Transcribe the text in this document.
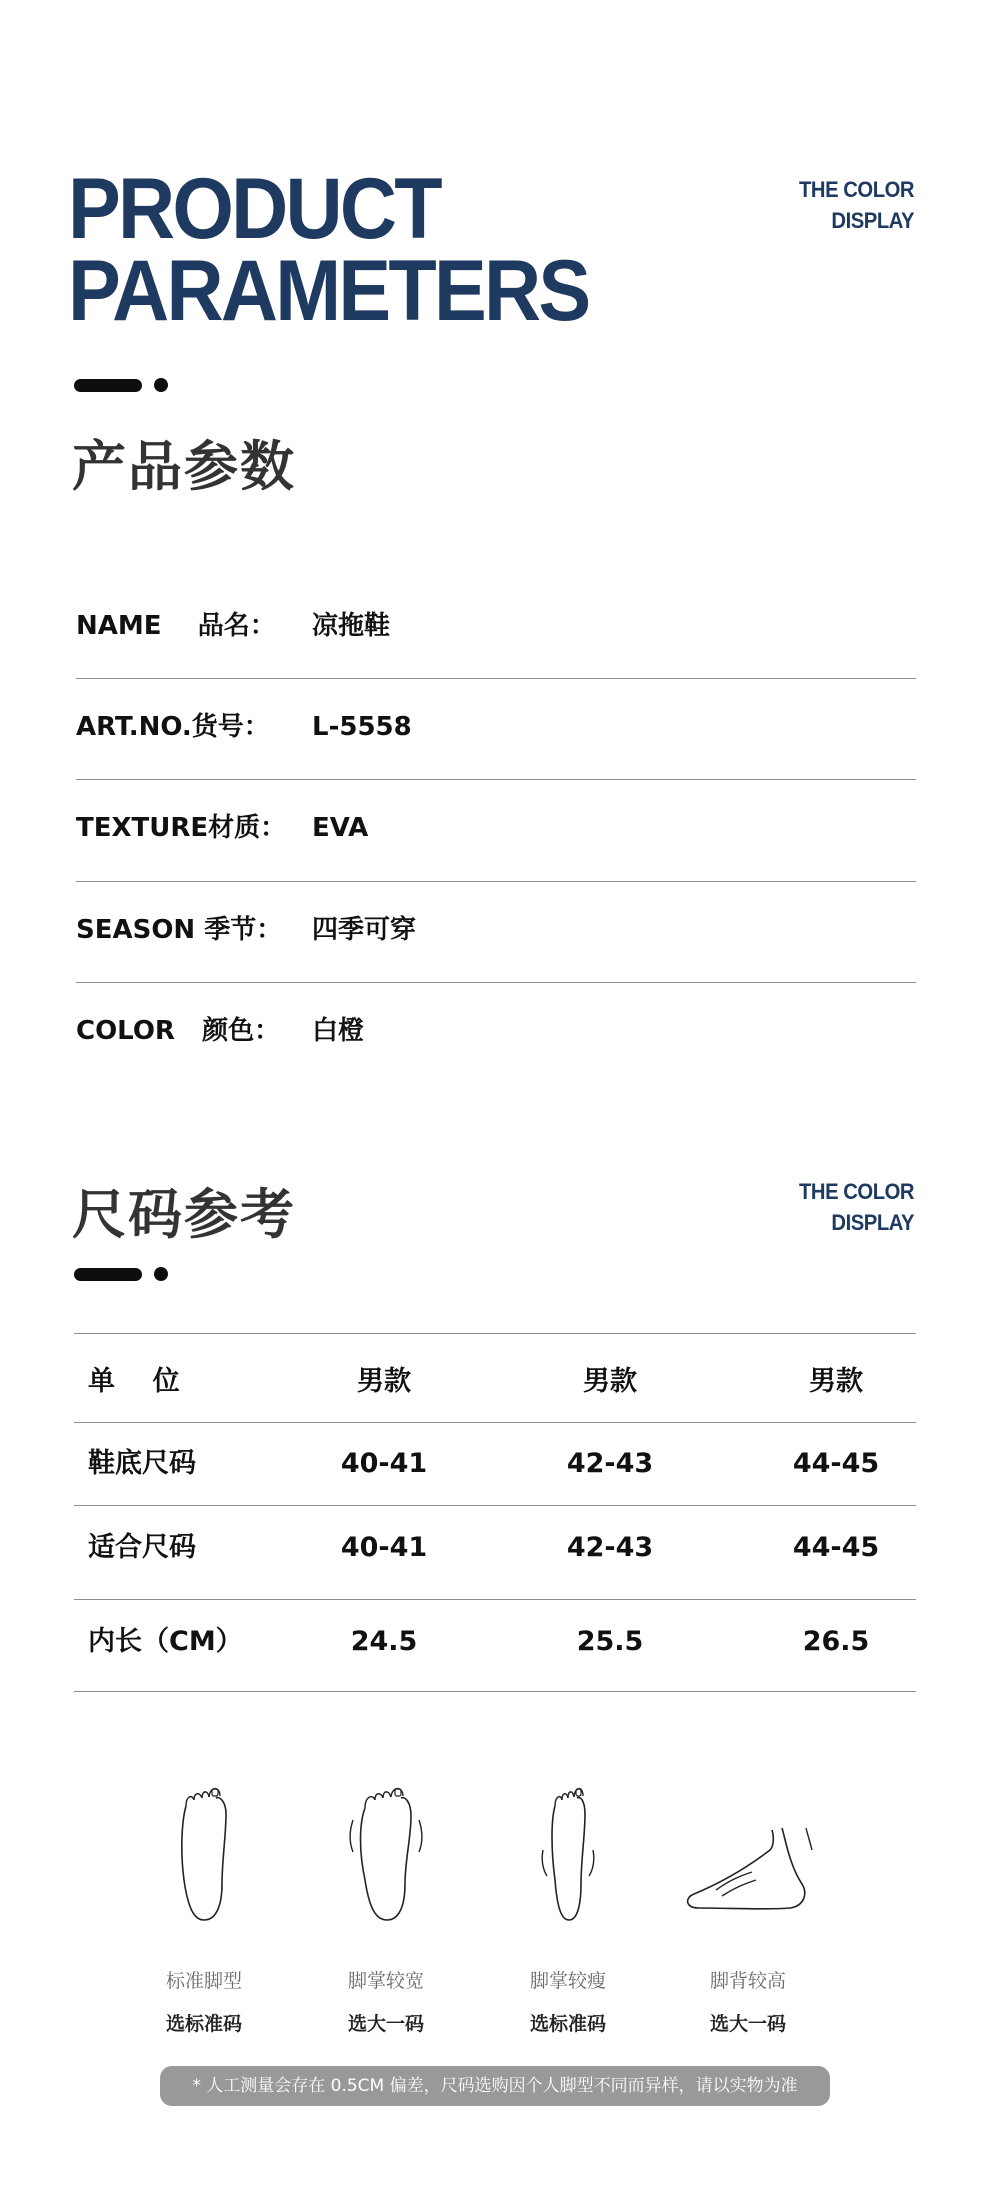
PRODUCT
PARAMETERS
THE COLOR
DISPLAY
产品参数
NAME    品名： 凉拖鞋
ART.NO.货号： L-5558
TEXTURE材质： EVA
SEASON 季节： 四季可穿
COLOR   颜色： 白橙
尺码参考	THE COLOR
DISPLAY
单    位	男款	男款	男款
鞋底尺码	40-41	42-43	44-45
适合尺码	40-41	42-43	44-45
内长（CM）	24.5	25.5	26.5
标准脚型
选标准码
脚掌较宽
选大一码
脚掌较瘦
选标准码
脚背较高
选大一码
* 人工测量会存在 0.5CM 偏差，尺码选购因个人脚型不同而异样，请以实物为准
